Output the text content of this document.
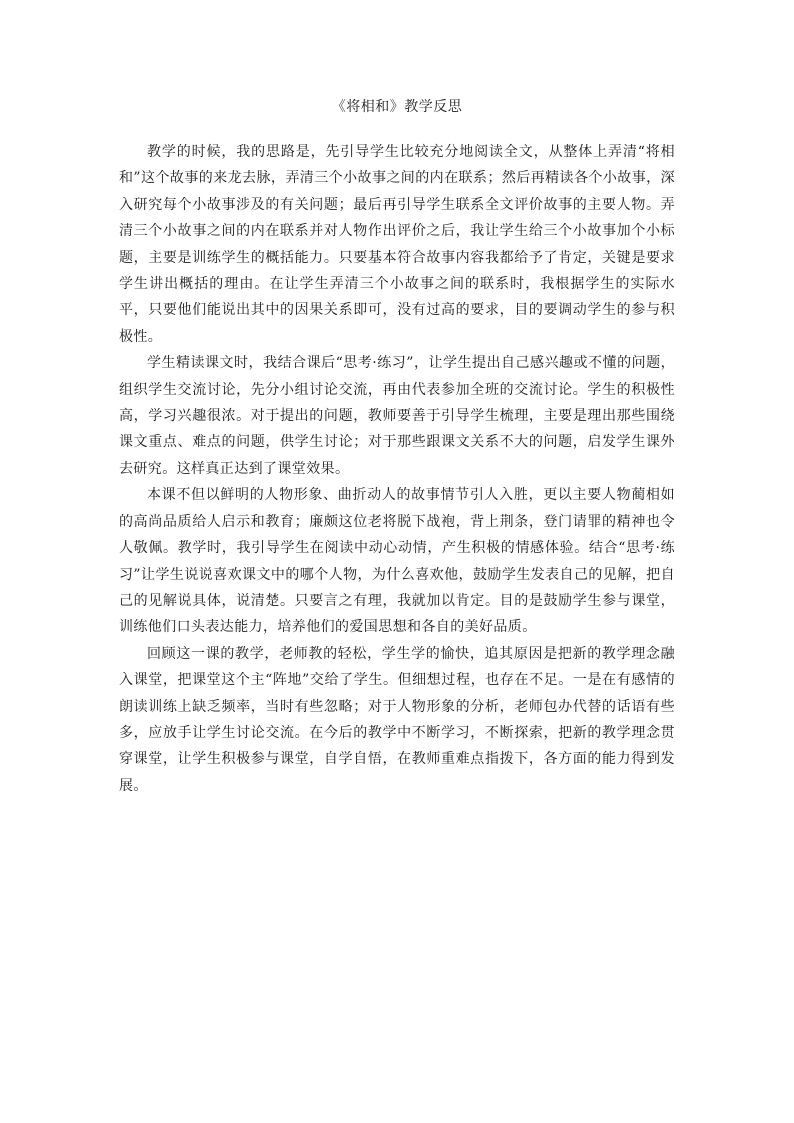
《将相和》教学反思

教学的时候，我的思路是，先引导学生比较充分地阅读全文，从整体上弄清“将相和”这个故事的来龙去脉，弄清三个小故事之间的内在联系；然后再精读各个小故事，深入研究每个小故事涉及的有关问题；最后再引导学生联系全文评价故事的主要人物。弄清三个小故事之间的内在联系并对人物作出评价之后，我让学生给三个小故事加个小标题，主要是训练学生的概括能力。只要基本符合故事内容我都给予了肯定，关键是要求学生讲出概括的理由。在让学生弄清三个小故事之间的联系时，我根据学生的实际水平，只要他们能说出其中的因果关系即可，没有过高的要求，目的要调动学生的参与积极性。

学生精读课文时，我结合课后“思考·练习”，让学生提出自己感兴趣或不懂的问题，组织学生交流讨论，先分小组讨论交流，再由代表参加全班的交流讨论。学生的积极性高，学习兴趣很浓。对于提出的问题，教师要善于引导学生梳理，主要是理出那些围绕课文重点、难点的问题，供学生讨论；对于那些跟课文关系不大的问题，启发学生课外去研究。这样真正达到了课堂效果。

本课不但以鲜明的人物形象、曲折动人的故事情节引人入胜，更以主要人物蔺相如的高尚品质给人启示和教育；廉颇这位老将脱下战袍，背上荆条，登门请罪的精神也令人敬佩。教学时，我引导学生在阅读中动心动情，产生积极的情感体验。结合“思考·练习”让学生说说喜欢课文中的哪个人物，为什么喜欢他，鼓励学生发表自己的见解，把自己的见解说具体，说清楚。只要言之有理，我就加以肯定。目的是鼓励学生参与课堂，训练他们口头表达能力，培养他们的爱国思想和各自的美好品质。

回顾这一课的教学，老师教的轻松，学生学的愉快，追其原因是把新的教学理念融入课堂，把课堂这个主“阵地”交给了学生。但细想过程，也存在不足。一是在有感情的朗读训练上缺乏频率，当时有些忽略；对于人物形象的分析，老师包办代替的话语有些多，应放手让学生讨论交流。在今后的教学中不断学习，不断探索，把新的教学理念贯穿课堂，让学生积极参与课堂，自学自悟，在教师重难点指拨下，各方面的能力得到发展。
